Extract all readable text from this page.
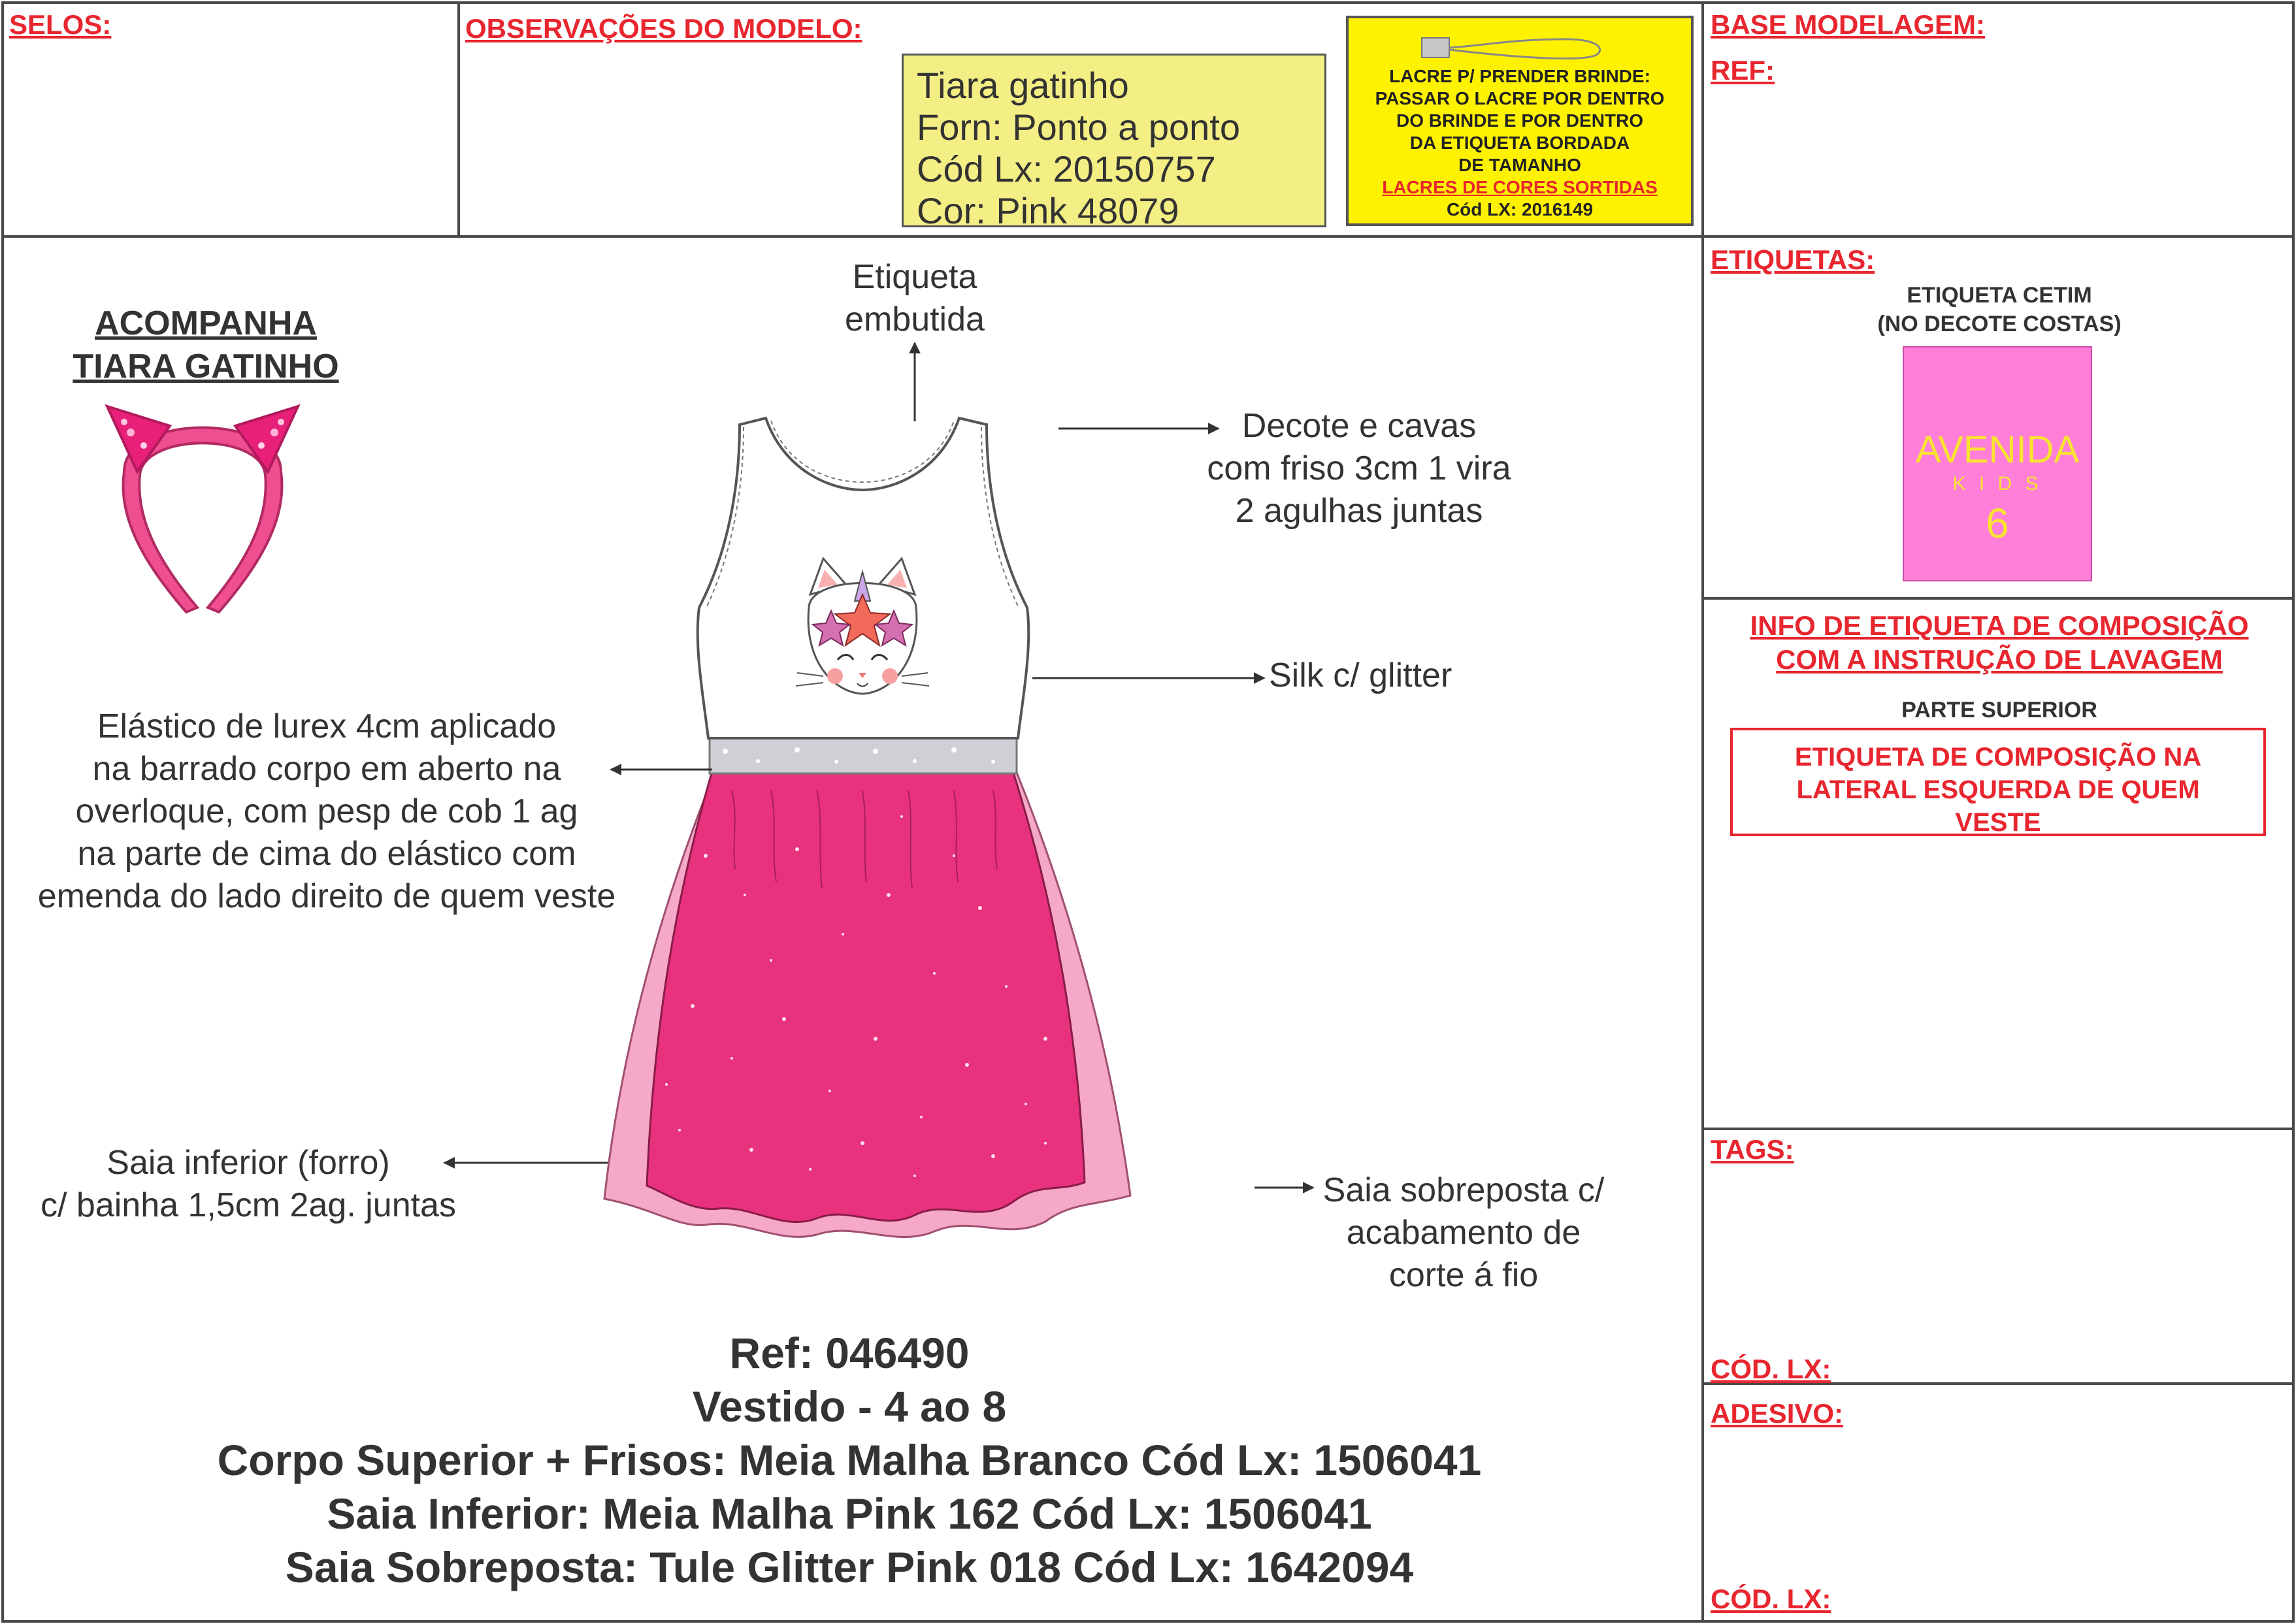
SELOS:	OBSERVAÇÕES DO MODELO:	BASE MODELAGEM:
REF:
Tiara gatinho
Forn: Ponto a ponto
Cód Lx: 20150757
Cor: Pink 48079
LACRE P/ PRENDER BRINDE:
PASSAR O LACRE POR DENTRO
DO BRINDE E POR DENTRO
DA ETIQUETA BORDADA
DE TAMANHO
LACRES DE CORES SORTIDAS
Cód LX: 2016149
ACOMPANHA
TIARA GATINHO
Etiqueta
embutida
Decote e cavas
com friso 3cm 1 vira
2 agulhas juntas
Silk c/ glitter
Elástico de lurex 4cm aplicado
na barrado corpo em aberto na
overloque, com pesp de cob 1 ag
na parte de cima do elástico com
emenda do lado direito de quem veste
Saia inferior (forro)
c/ bainha 1,5cm 2ag. juntas	Saia sobreposta c/
acabamento de
corte á fio
Ref: 046490
Vestido - 4 ao 8
Corpo Superior + Frisos: Meia Malha Branco Cód Lx: 1506041
Saia Inferior: Meia Malha Pink 162 Cód Lx: 1506041
Saia Sobreposta: Tule Glitter Pink 018 Cód Lx: 1642094
ETIQUETAS:
ETIQUETA CETIM
(NO DECOTE COSTAS)
AVENIDA
K I D S
6
INFO DE ETIQUETA DE COMPOSIÇÃO
COM A INSTRUÇÃO DE LAVAGEM
PARTE SUPERIOR
ETIQUETA DE COMPOSIÇÃO NA
LATERAL ESQUERDA DE QUEM
VESTE
TAGS:
CÓD. LX:
ADESIVO:
CÓD. LX:
